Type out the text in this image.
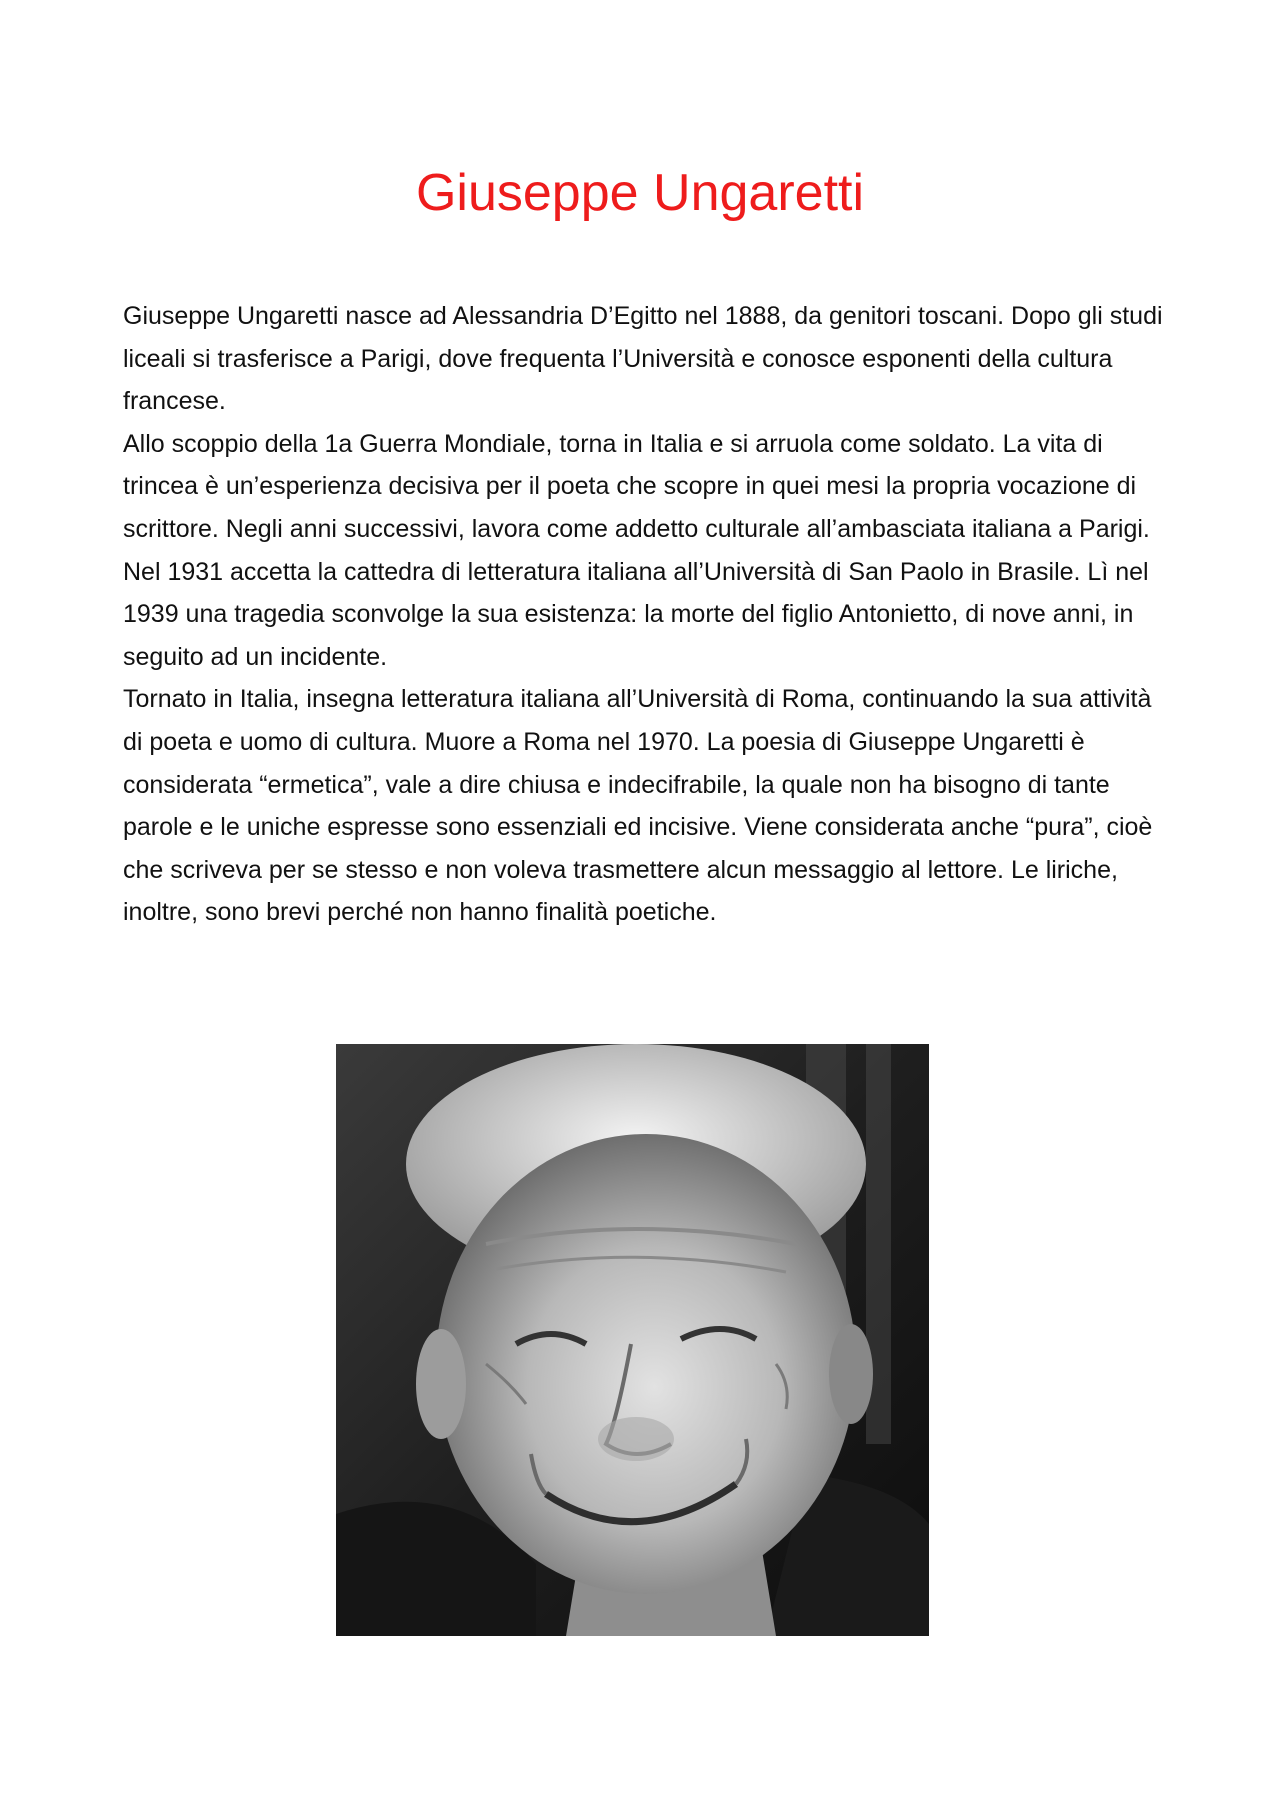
Giuseppe Ungaretti

Giuseppe Ungaretti nasce ad Alessandria D’Egitto nel 1888, da genitori toscani. Dopo gli studi liceali si trasferisce a Parigi, dove frequenta l’Università e conosce esponenti della cultura francese.

Allo scoppio della 1a Guerra Mondiale, torna in Italia e si arruola come soldato. La vita di trincea è un’esperienza decisiva per il poeta che scopre in quei mesi la propria vocazione di scrittore. Negli anni successivi, lavora come addetto culturale all’ambasciata italiana a Parigi.

Nel 1931 accetta la cattedra di letteratura italiana all’Università di San Paolo in Brasile. Lì nel 1939 una tragedia sconvolge la sua esistenza: la morte del figlio Antonietto, di nove anni, in seguito ad un incidente.

Tornato in Italia, insegna letteratura italiana all’Università di Roma, continuando la sua attività di poeta e uomo di cultura. Muore a Roma nel 1970. La poesia di Giuseppe Ungaretti è considerata “ermetica”, vale a dire chiusa e indecifrabile, la quale non ha bisogno di tante parole e le uniche espresse sono essenziali ed incisive. Viene considerata anche “pura”, cioè che scriveva per se stesso e non voleva trasmettere alcun messaggio al lettore. Le liriche, inoltre, sono brevi perché non hanno finalità poetiche.
